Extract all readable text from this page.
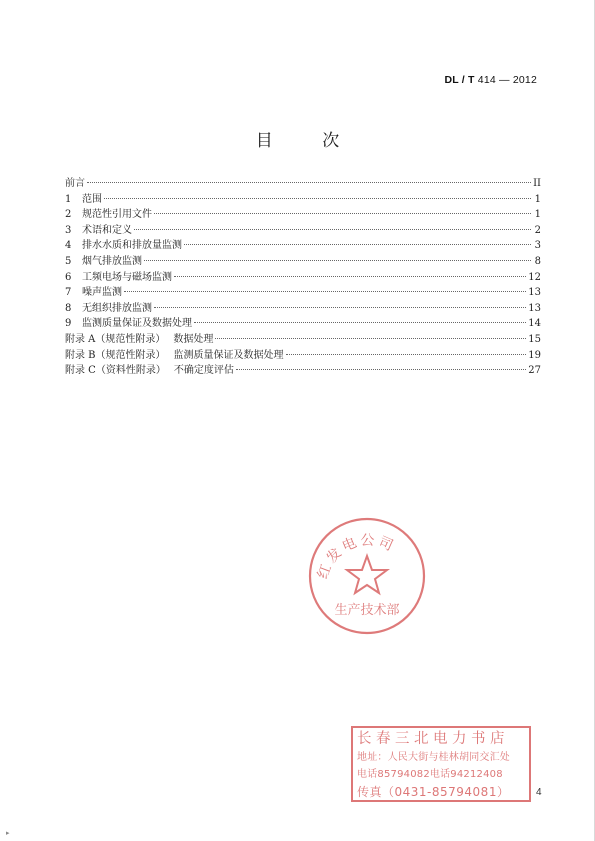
DL / T 414 — 2012
目 次
前言	II
1	范围	1
2	规范性引用文件	1
3	术语和定义	2
4	排水水质和排放量监测	3
5	烟气排放监测	8
6	工频电场与磁场监测	12
7	噪声监测	13
8	无组织排放监测	13
9	监测质量保证及数据处理	14
附录 A（规范性附录） 数据处理	15
附录 B（规范性附录） 监测质量保证及数据处理	19
附录 C（资料性附录） 不确定度评估	27
红发电公司
生产技术部
长春三北电力书店
地址：人民大街与桂林胡同交汇处
电话85794082电话94212408
传真（0431-85794081）	4
▸
